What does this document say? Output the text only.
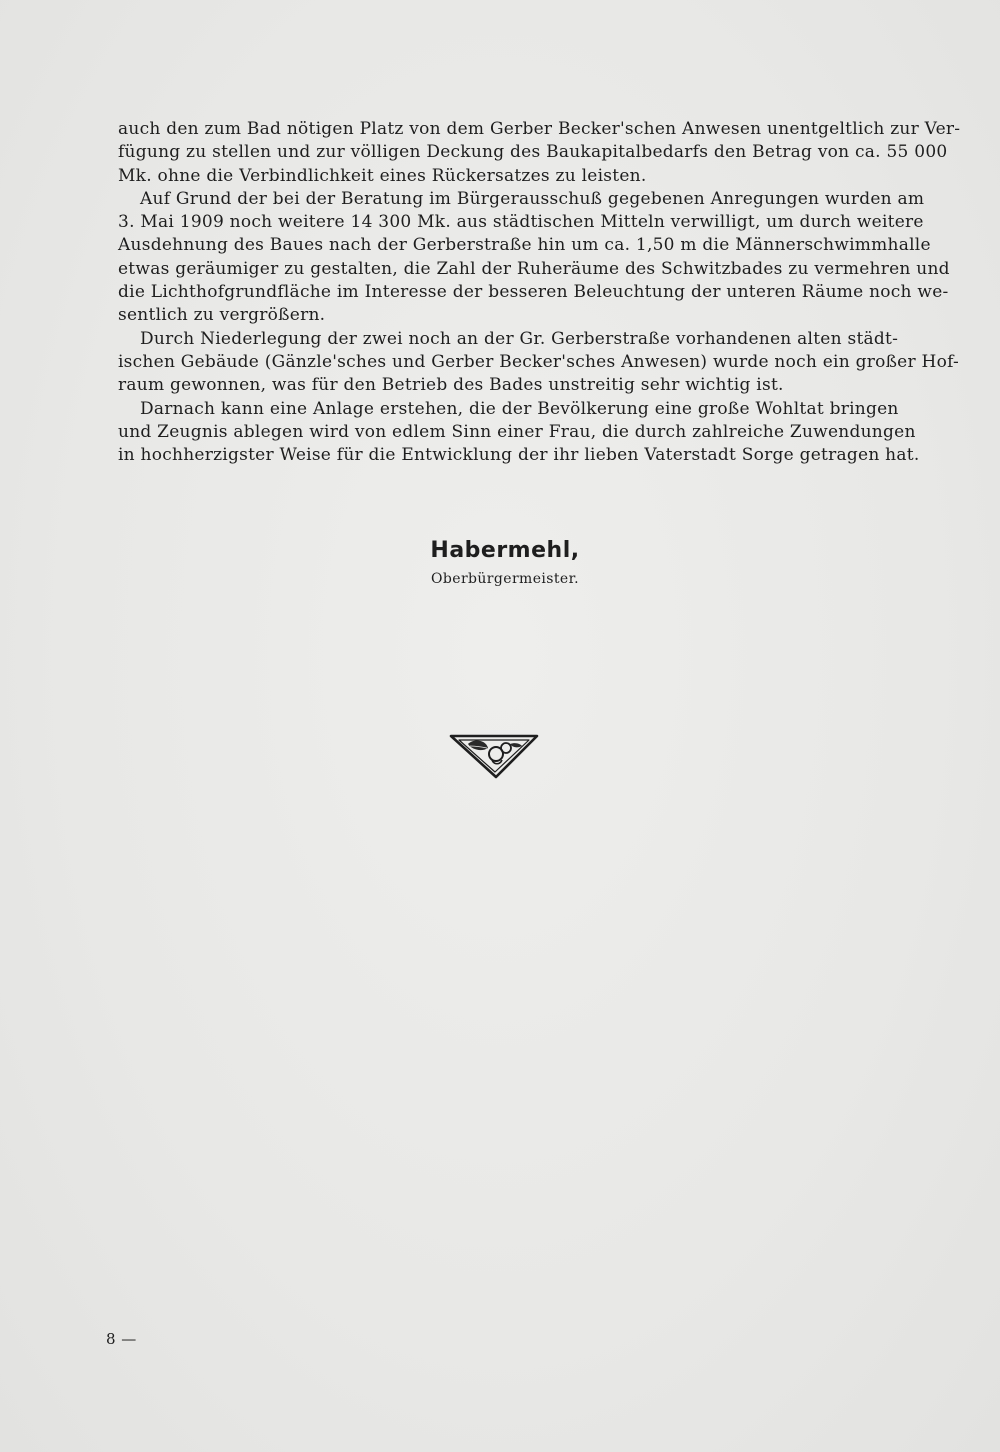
auch den zum Bad nötigen Platz von dem Gerber Becker'schen Anwesen unentgeltlich zur Ver-
fügung zu stellen und zur völligen Deckung des Baukapitalbedarfs den Betrag von ca. 55 000
Mk. ohne die Verbindlichkeit eines Rückersatzes zu leisten.
Auf Grund der bei der Beratung im Bürgerausschuß gegebenen Anregungen wurden am
3. Mai 1909 noch weitere 14 300 Mk. aus städtischen Mitteln verwilligt, um durch weitere
Ausdehnung des Baues nach der Gerberstraße hin um ca. 1,50 m die Männerschwimmhalle
etwas geräumiger zu gestalten, die Zahl der Ruheräume des Schwitzbades zu vermehren und
die Lichthofgrundfläche im Interesse der besseren Beleuchtung der unteren Räume noch we-
sentlich zu vergrößern.
Durch Niederlegung der zwei noch an der Gr. Gerberstraße vorhandenen alten städt-
ischen Gebäude (Gänzle'sches und Gerber Becker'sches Anwesen) wurde noch ein großer Hof-
raum gewonnen, was für den Betrieb des Bades unstreitig sehr wichtig ist.
Darnach kann eine Anlage erstehen, die der Bevölkerung eine große Wohltat bringen
und Zeugnis ablegen wird von edlem Sinn einer Frau, die durch zahlreiche Zuwendungen
in hochherzigster Weise für die Entwicklung der ihr lieben Vaterstadt Sorge getragen hat.
Habermehl,
Oberbürgermeister.
8 —
